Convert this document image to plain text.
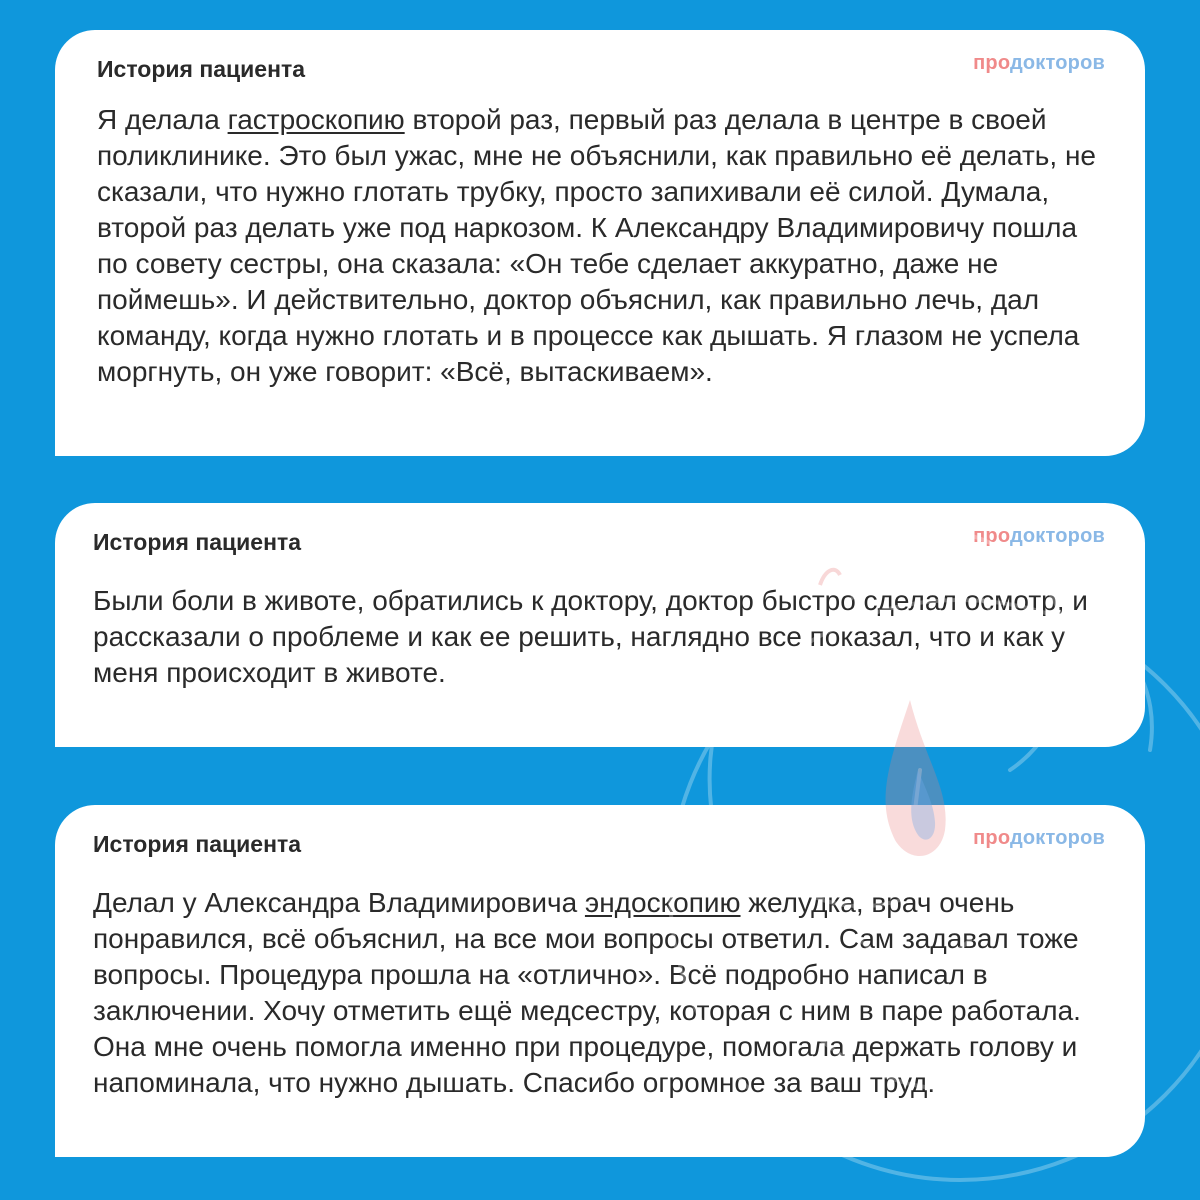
История пациента	продокторов

Я делала гастроскопию второй раз, первый раз делала в центре в своей поликлинике. Это был ужас, мне не объяснили, как правильно её делать, не сказали, что нужно глотать трубку, просто запихивали её силой. Думала, второй раз делать уже под наркозом. К Александру Владимировичу пошла по совету сестры, она сказала: «Он тебе сделает аккуратно, даже не поймешь». И действительно, доктор объяснил, как правильно лечь, дал команду, когда нужно глотать и в процессе как дышать. Я глазом не успела моргнуть, он уже говорит: «Всё, вытаскиваем».

История пациента	продокторов

Были боли в животе, обратились к доктору, доктор быстро сделал осмотр, и рассказали о проблеме и как ее решить, наглядно все показал, что и как у меня происходит в животе.

История пациента	продокторов

Делал у Александра Владимировича эндоскопию желудка, врач очень понравился, всё объяснил, на все мои вопросы ответил. Сам задавал тоже вопросы. Процедура прошла на «отлично». Всё подробно написал в заключении. Хочу отметить ещё медсестру, которая с ним в паре работала. Она мне очень помогла именно при процедуре, помогала держать голову и напоминала, что нужно дышать. Спасибо огромное за ваш труд.
